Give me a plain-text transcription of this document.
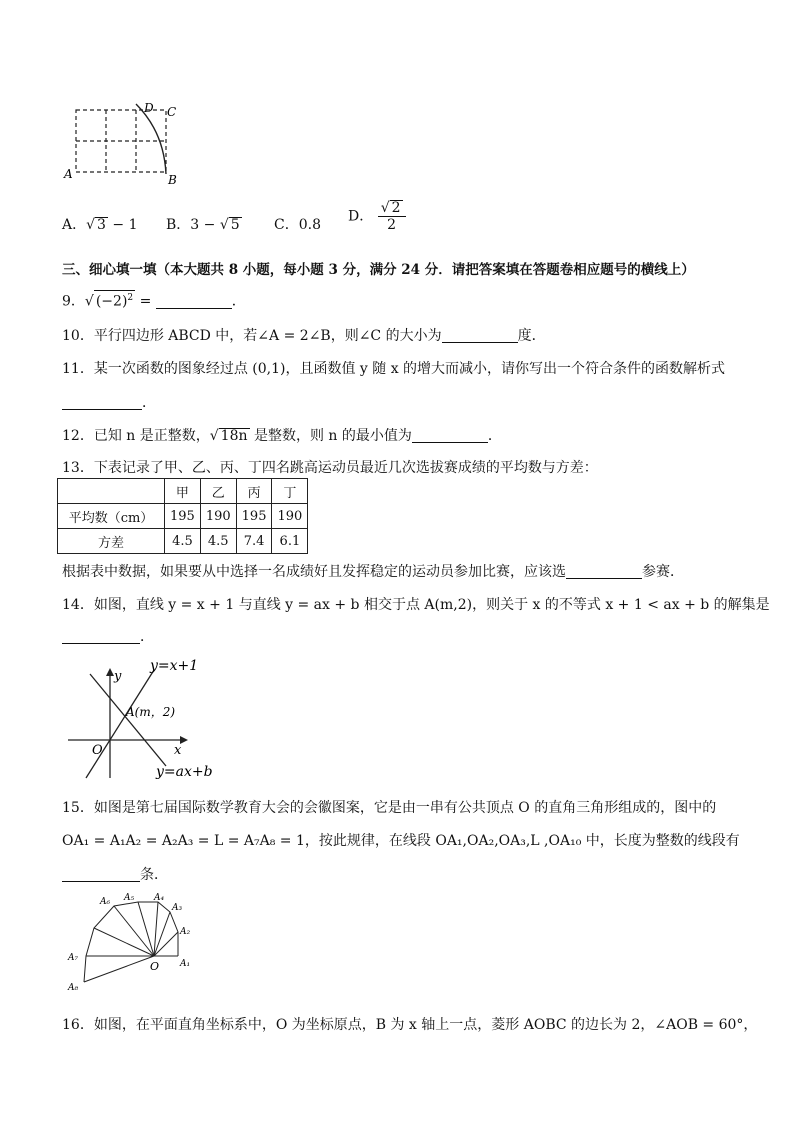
A	B
C
D
A．√ 3 − 1 B．3 − √ 5 C．0.8
D． $\frac{√ 2}{2}$
三、细心填一填（本大题共 8 小题，每小题 3 分，满分 24 分．请把答案填在答题卷相应题号的横线上）
9．√ $(-2)^2$ =	．
10．平行四边形 ABCD 中，若∠A = 2∠B，则∠C 的大小为	度．
11．某一次函数的图象经过点 (0,1)，且函数值 y 随 x 的增大而减小，请你写出一个符合条件的函数解析式
．
12．已知 n 是正整数，√ 18n 是整数，则 n 的最小值为	．
13．下表记录了甲、乙、丙、丁四名跳高运动员最近几次选拔赛成绩的平均数与方差：
	甲	乙	丙	丁
平均数（cm）	195	190	195	190
方差	4.5	4.5	7.4	6.1
根据表中数据，如果要从中选择一名成绩好且发挥稳定的运动员参加比赛，应该选	参赛．
14．如图，直线 y = x + 1 与直线 y = ax + b 相交于点 A(m,2)，则关于 x 的不等式 x + 1 < ax + b 的解集是
．
y=x+1
y=ax+b
A(m，2)
y
x
O
15．如图是第七届国际数学教育大会的会徽图案，它是由一串有公共顶点 O 的直角三角形组成的，图中的
OA₁ = A₁A₂ = A₂A₃ = L = A₇A₈ = 1，按此规律，在线段 OA₁,OA₂,OA₃,L ,OA₁₀ 中，长度为整数的线段有
条．
O A₁
A₂
A₃
A₄
A₅
A₆
A₇
A₈
16．如图，在平面直角坐标系中，O 为坐标原点，B 为 x 轴上一点，菱形 AOBC 的边长为 2，∠AOB = 60°，
